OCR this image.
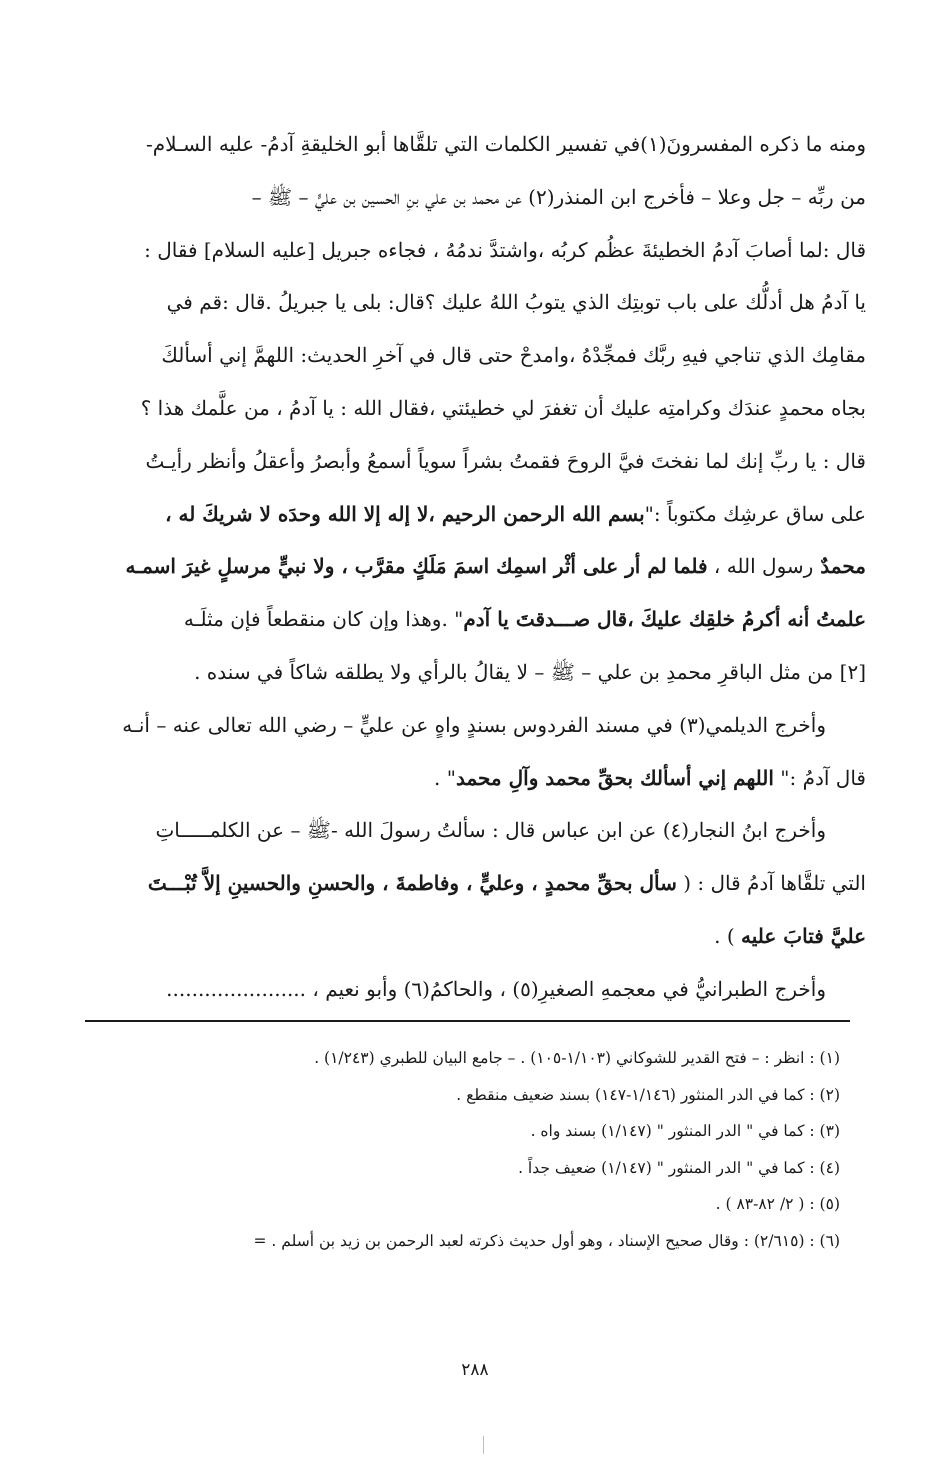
ومنه ما ذكره المفسرونَ(١)في تفسير الكلمات التي تلقَّاها أبو الخليقةِ آدمُ- عليه السـلام-
من ربِّه – جل وعلا – فأخرج ابن المنذر(٢) عن محمد بن علي بنِ الحسين بن عليٍّ – ﷺ –
قال :لما أصابَ آدمُ الخطيئةَ عظُم كربُه ،واشتدَّ ندمُهُ ، فجاءه جبريل [عليه السلام] فقال :
يا آدمُ هل أدلُّك على باب توبتِك الذي يتوبُ اللهُ عليك ؟قال: بلى يا جبريلُ .قال :قم في
مقامِك الذي تناجي فيهِ ربَّك فمجِّدْهُ ،وامدحْ حتى قال في آخرِ الحديث: اللهمَّ إني أسألكَ
بجاه محمدٍ عندَك وكرامتِه عليك أن تغفرَ لي خطيئتي ،فقال الله : يا آدمُ ، من علَّمك هذا ؟
قال : يا ربِّ إنك لما نفختَ فيَّ الروحَ فقمتُ بشراً سوياً أسمعُ وأبصرُ وأعقلُ وأنظر رأيـتُ
على ساق عرشِك مكتوباً :"بسم الله الرحمن الرحيم ،لا إله إلا الله وحدَه لا شريكَ له ،
محمدٌ رسول الله ، فلما لم أر على أثْر اسمِك اسمَ مَلَكٍ مقرَّب ، ولا نبيٍّ مرسلٍ غيرَ اسمـه
علمتُ أنه أكرمُ خلقِك عليكَ ،قال صـــدقتَ يا آدم" .وهذا وإن كان منقطعاً فإن مثلَـه
[٢] من مثل الباقرِ محمدِ بن علي – ﷺ – لا يقالُ بالرأي ولا يطلقه شاكاً في سنده .
وأخرج الديلمي(٣) في مسند الفردوس بسندٍ واهٍ عن عليٍّ – رضي الله تعالى عنه – أنـه
قال آدمُ :" اللهم إني أسألك بحقِّ محمد وآلِ محمد" .
وأخرج ابنُ النجار(٤) عن ابن عباس قال : سألتُ رسولَ الله -ﷺ – عن الكلمـــــاتِ
التي تلقَّاها آدمُ قال : ( سأل بحقِّ محمدٍ ، وعليٍّ ، وفاطمةَ ، والحسنِ والحسينِ إلاَّ تُبْـــتَ
عليَّ فتابَ عليه ) .
وأخرج الطبرانيُّ في معجمهِ الصغيرِ(٥) ، والحاكمُ(٦) وأبو نعيم ، ......................
(١) : انظر : – فتح القدير للشوكاني (١/١٠٣-١٠٥) . – جامع البيان للطبري (١/٢٤٣) .
(٢) : كما في الدر المنثور (١/١٤٦-١٤٧) بسند ضعيف منقطع .
(٣) : كما في " الدر المنثور " (١/١٤٧) بسند واه .
(٤) : كما في " الدر المنثور " (١/١٤٧) ضعيف جداً .
(٥) : ( ٢/ ٨٢-٨٣ ) .
(٦) : (٢/٦١٥) : وقال صحيح الإسناد ، وهو أول حديث ذكرته لعبد الرحمن بن زيد بن أسلم . =
٢٨٨
